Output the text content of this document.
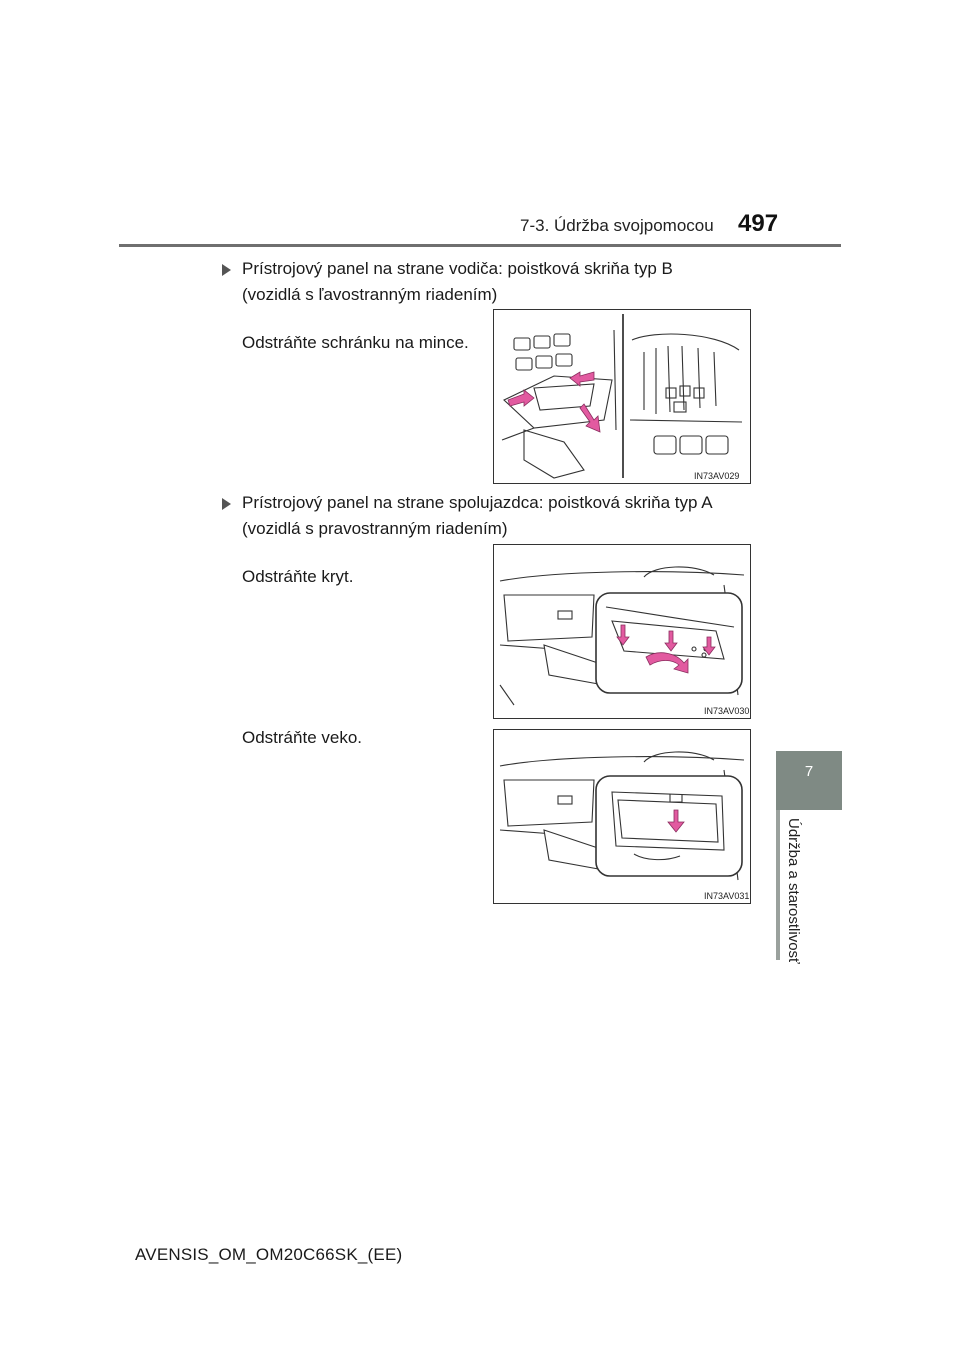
7-3. Údržba svojpomocou 497
7
Údržba a starostlivosť
Prístrojový panel na strane vodiča: poistková skriňa typ B
(vozidlá s ľavostranným riadením)
Odstráňte schránku na mince.
IN73AV029
Prístrojový panel na strane spolujazdca: poistková skriňa typ A
(vozidlá s pravostranným riadením)
Odstráňte kryt.
IN73AV030
Odstráňte veko.
IN73AV031
AVENSIS_OM_OM20C66SK_(EE)
